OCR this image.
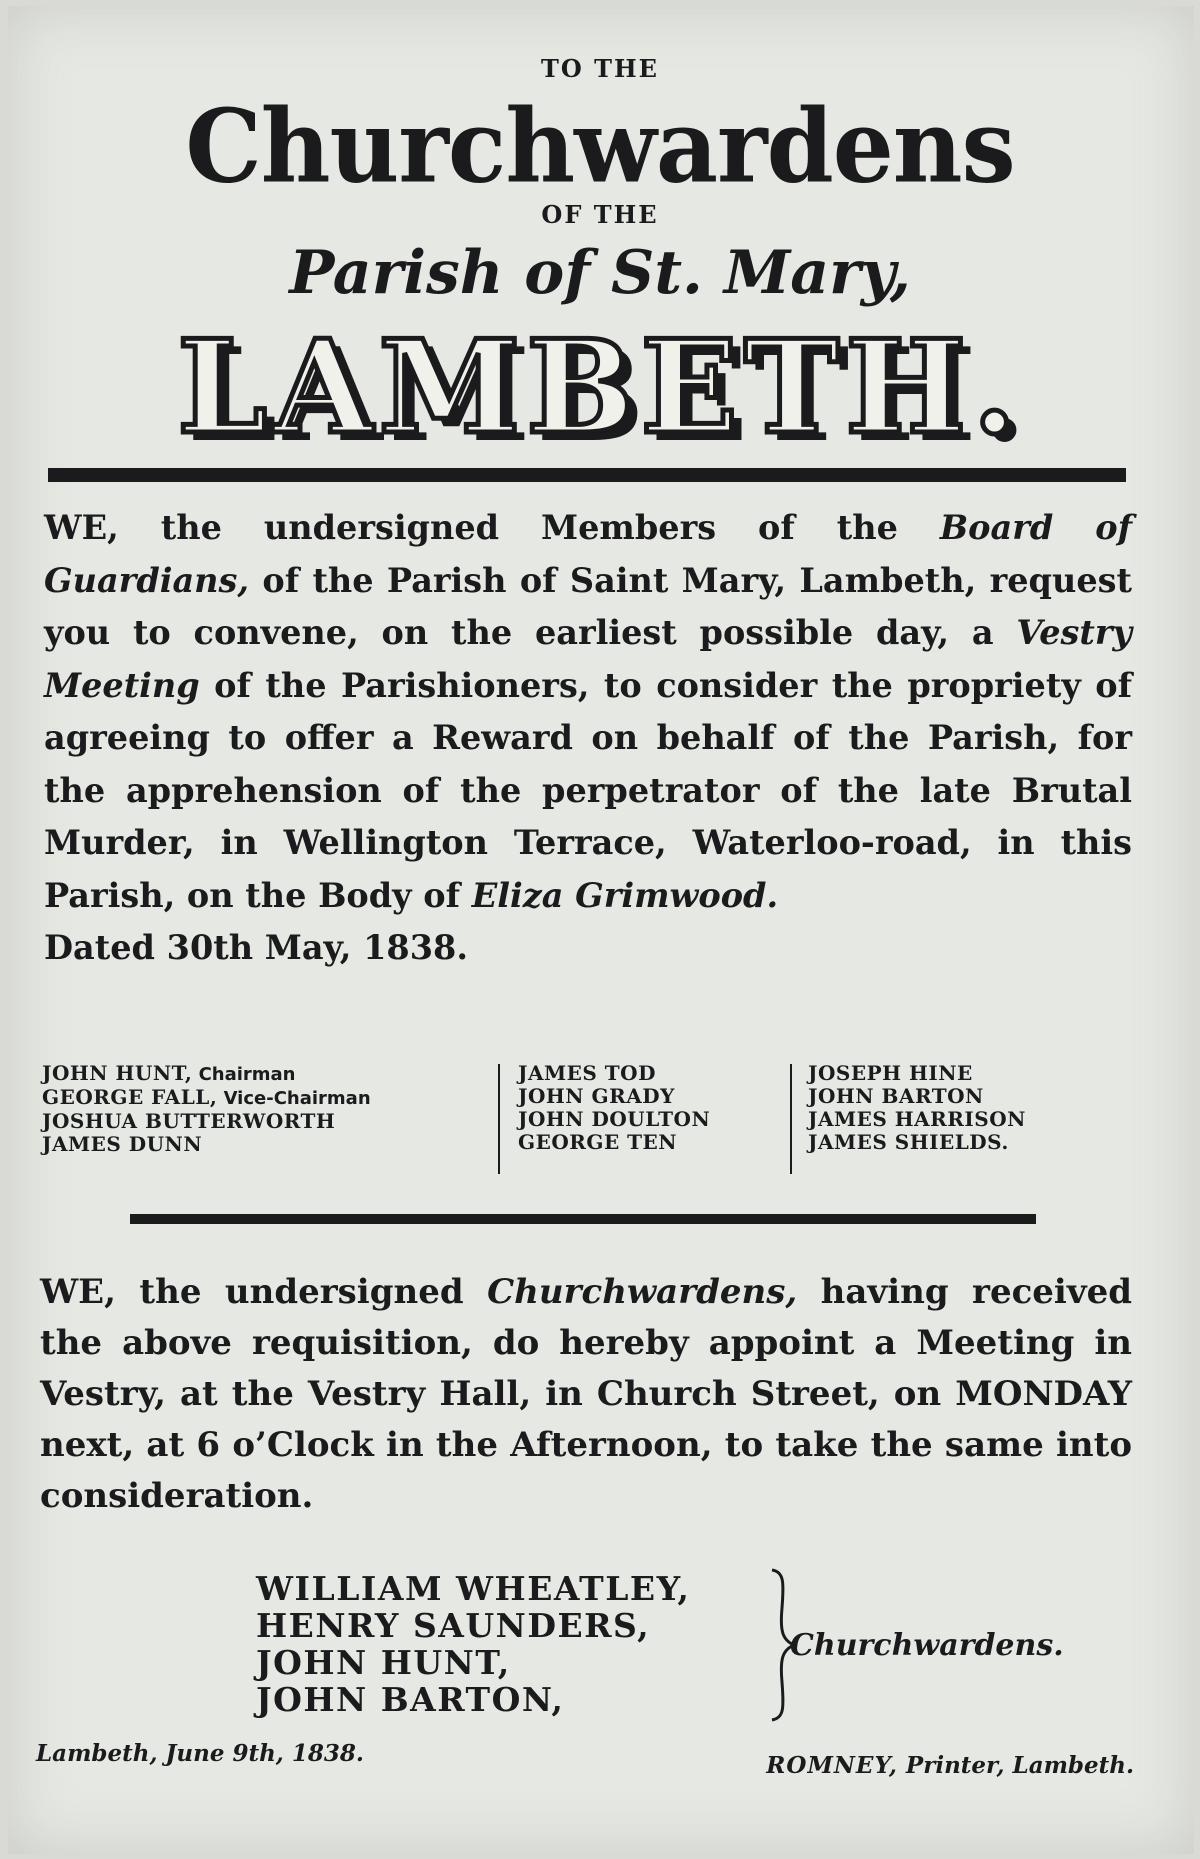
TO THE
Churchwardens
OF THE
Parish of St. Mary,
LAMBETH.

WE, the undersigned Members of the Board of Guardians, of the Parish of Saint Mary, Lambeth, request you to convene, on the earliest possible day, a Vestry Meeting of the Parishioners, to consider the propriety of agreeing to offer a Reward on behalf of the Parish, for the apprehension of the perpetrator of the late Brutal Murder, in Wellington Terrace, Waterloo-road, in this Parish, on the Body of Eliza Grimwood.
Dated 30th May, 1838.

JOHN HUNT, Chairman
GEORGE FALL, Vice-Chairman
JOSHUA BUTTERWORTH
JAMES DUNN
JAMES TOD
JOHN GRADY
JOHN DOULTON
GEORGE TEN
JOSEPH HINE
JOHN BARTON
JAMES HARRISON
JAMES SHIELDS.

WE, the undersigned Churchwardens, having received the above requisition, do hereby appoint a Meeting in Vestry, at the Vestry Hall, in Church Street, on MONDAY next, at 6 o’Clock in the Afternoon, to take the same into consideration.

WILLIAM WHEATLEY,
HENRY SAUNDERS,
JOHN HUNT,
JOHN BARTON,
Churchwardens.
Lambeth, June 9th, 1838.	ROMNEY, Printer, Lambeth.
